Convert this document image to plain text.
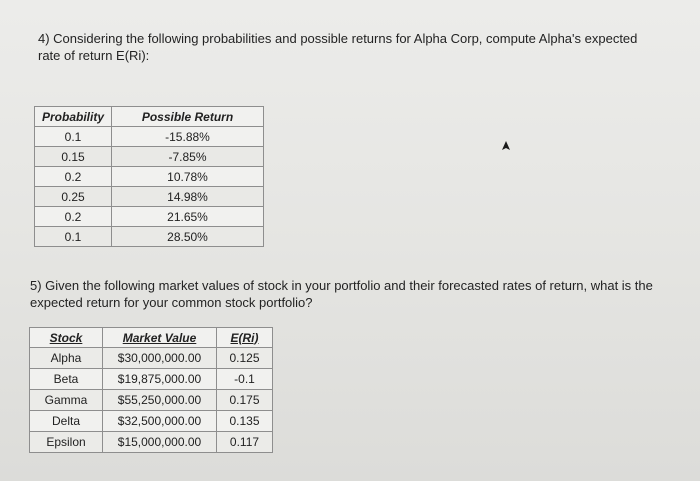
4) Considering the following probabilities and possible returns for Alpha Corp, compute Alpha's expected rate of return E(Ri):

Probability	Possible Return
0.1	-15.88%
0.15	-7.85%
0.2	10.78%
0.25	14.98%
0.2	21.65%
0.1	28.50%

5) Given the following market values of stock in your portfolio and their forecasted rates of return, what is the expected return for your common stock portfolio?

Stock	Market Value	E(Ri)
Alpha	$30,000,000.00	0.125
Beta	$19,875,000.00	-0.1
Gamma	$55,250,000.00	0.175
Delta	$32,500,000.00	0.135
Epsilon	$15,000,000.00	0.117
